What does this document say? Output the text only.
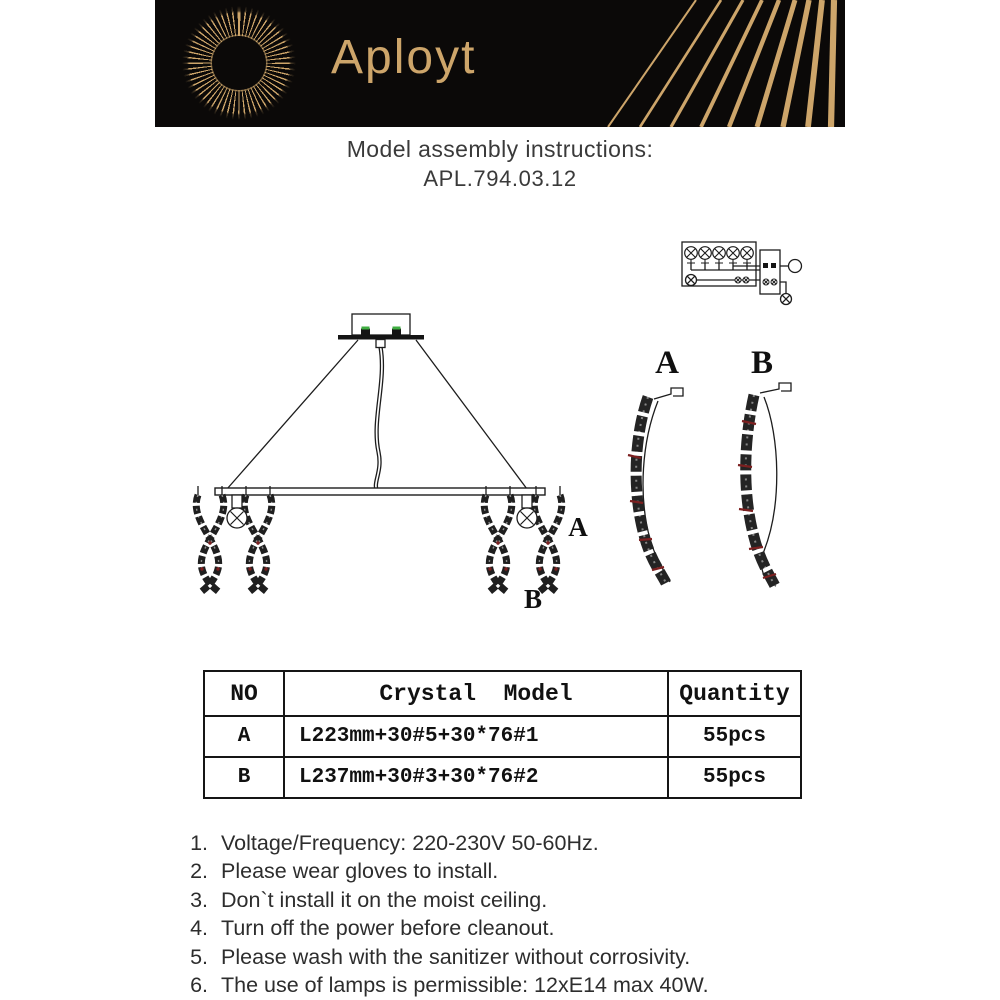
Aployt
Model assembly instructions:
APL.794.03.12
A
B
A B
NO	Crystal  Model	Quantity
A	L223mm+30#5+30*76#1	55pcs
B	L237mm+30#3+30*76#2	55pcs
1. Voltage/Frequency: 220-230V 50-60Hz.
2. Please wear gloves to install.
3. Don`t install it on the moist ceiling.
4. Turn off the power before cleanout.
5. Please wash with the sanitizer without corrosivity.
6. The use of lamps is permissible: 12xE14 max 40W.
